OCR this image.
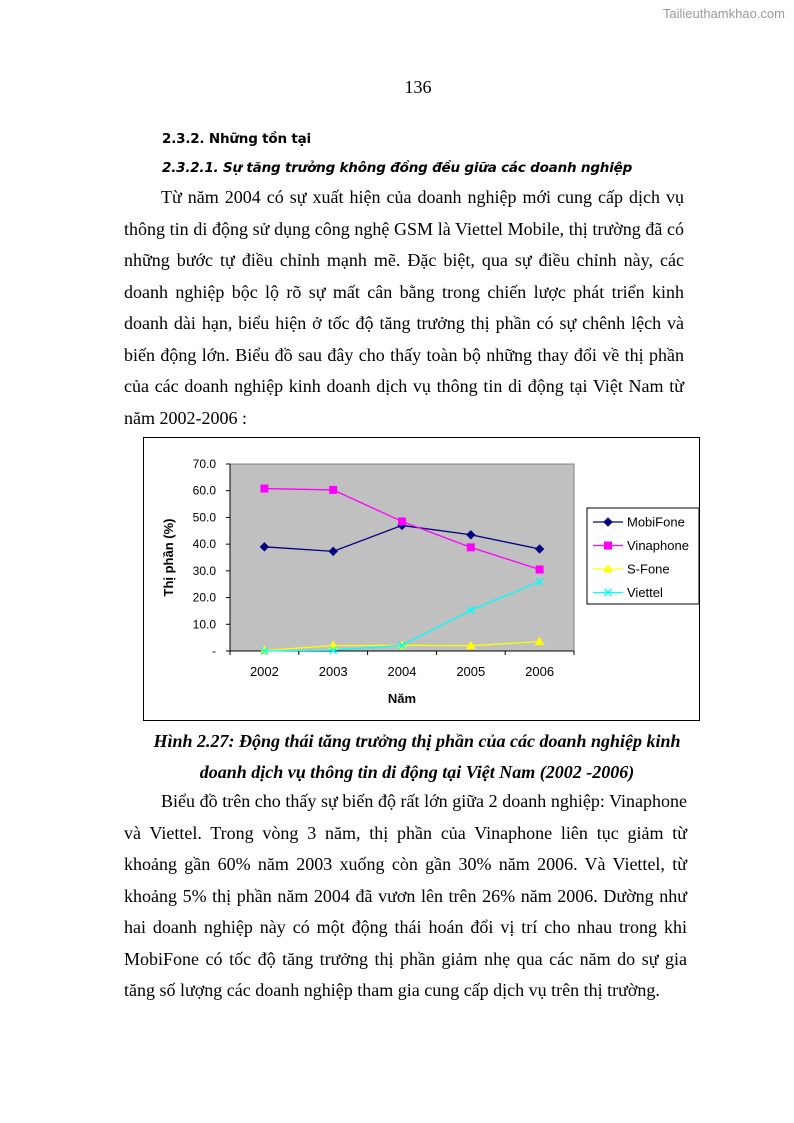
Tailieuthamkhao.com
136
2.3.2. Những tồn tại
2.3.2.1. Sự tăng trưởng không đồng đều giữa các doanh nghiệp

Từ năm 2004 có sự xuất hiện của doanh nghiệp mới cung cấp dịch vụ thông tin di động sử dụng công nghệ GSM là Viettel Mobile, thị trường đã có những bước tự điều chỉnh mạnh mẽ. Đặc biệt, qua sự điều chỉnh này, các doanh nghiệp bộc lộ rõ sự mất cân bằng trong chiến lược phát triển kinh doanh dài hạn, biểu hiện ở tốc độ tăng trưởng thị phần có sự chênh lệch và biến động lớn. Biểu đồ sau đây cho thấy toàn bộ những thay đổi về thị phần của các doanh nghiệp kinh doanh dịch vụ thông tin di động tại Việt Nam từ năm 2002-2006 :

-
10.0
20.0
30.0
40.0
50.0
60.0
70.0
2002	2003	2004	2005	2006
Năm
Thị phần (%)	MobiFone
Vinaphone
S-Fone
Viettel

Hình 2.27: Động thái tăng trưởng thị phần của các doanh nghiệp kinh

doanh dịch vụ thông tin di động tại Việt Nam (2002 -2006)

Biểu đồ trên cho thấy sự biến độ rất lớn giữa 2 doanh nghiệp: Vinaphone và Viettel. Trong vòng 3 năm, thị phần của Vinaphone liên tục giảm từ khoảng gần 60% năm 2003 xuống còn gần 30% năm 2006. Và Viettel, từ khoảng 5% thị phần năm 2004 đã vươn lên trên 26% năm 2006. Dường như hai doanh nghiệp này có một động thái hoán đổi vị trí cho nhau trong khi MobiFone có tốc độ tăng trưởng thị phần giảm nhẹ qua các năm do sự gia tăng số lượng các doanh nghiệp tham gia cung cấp dịch vụ trên thị trường.
